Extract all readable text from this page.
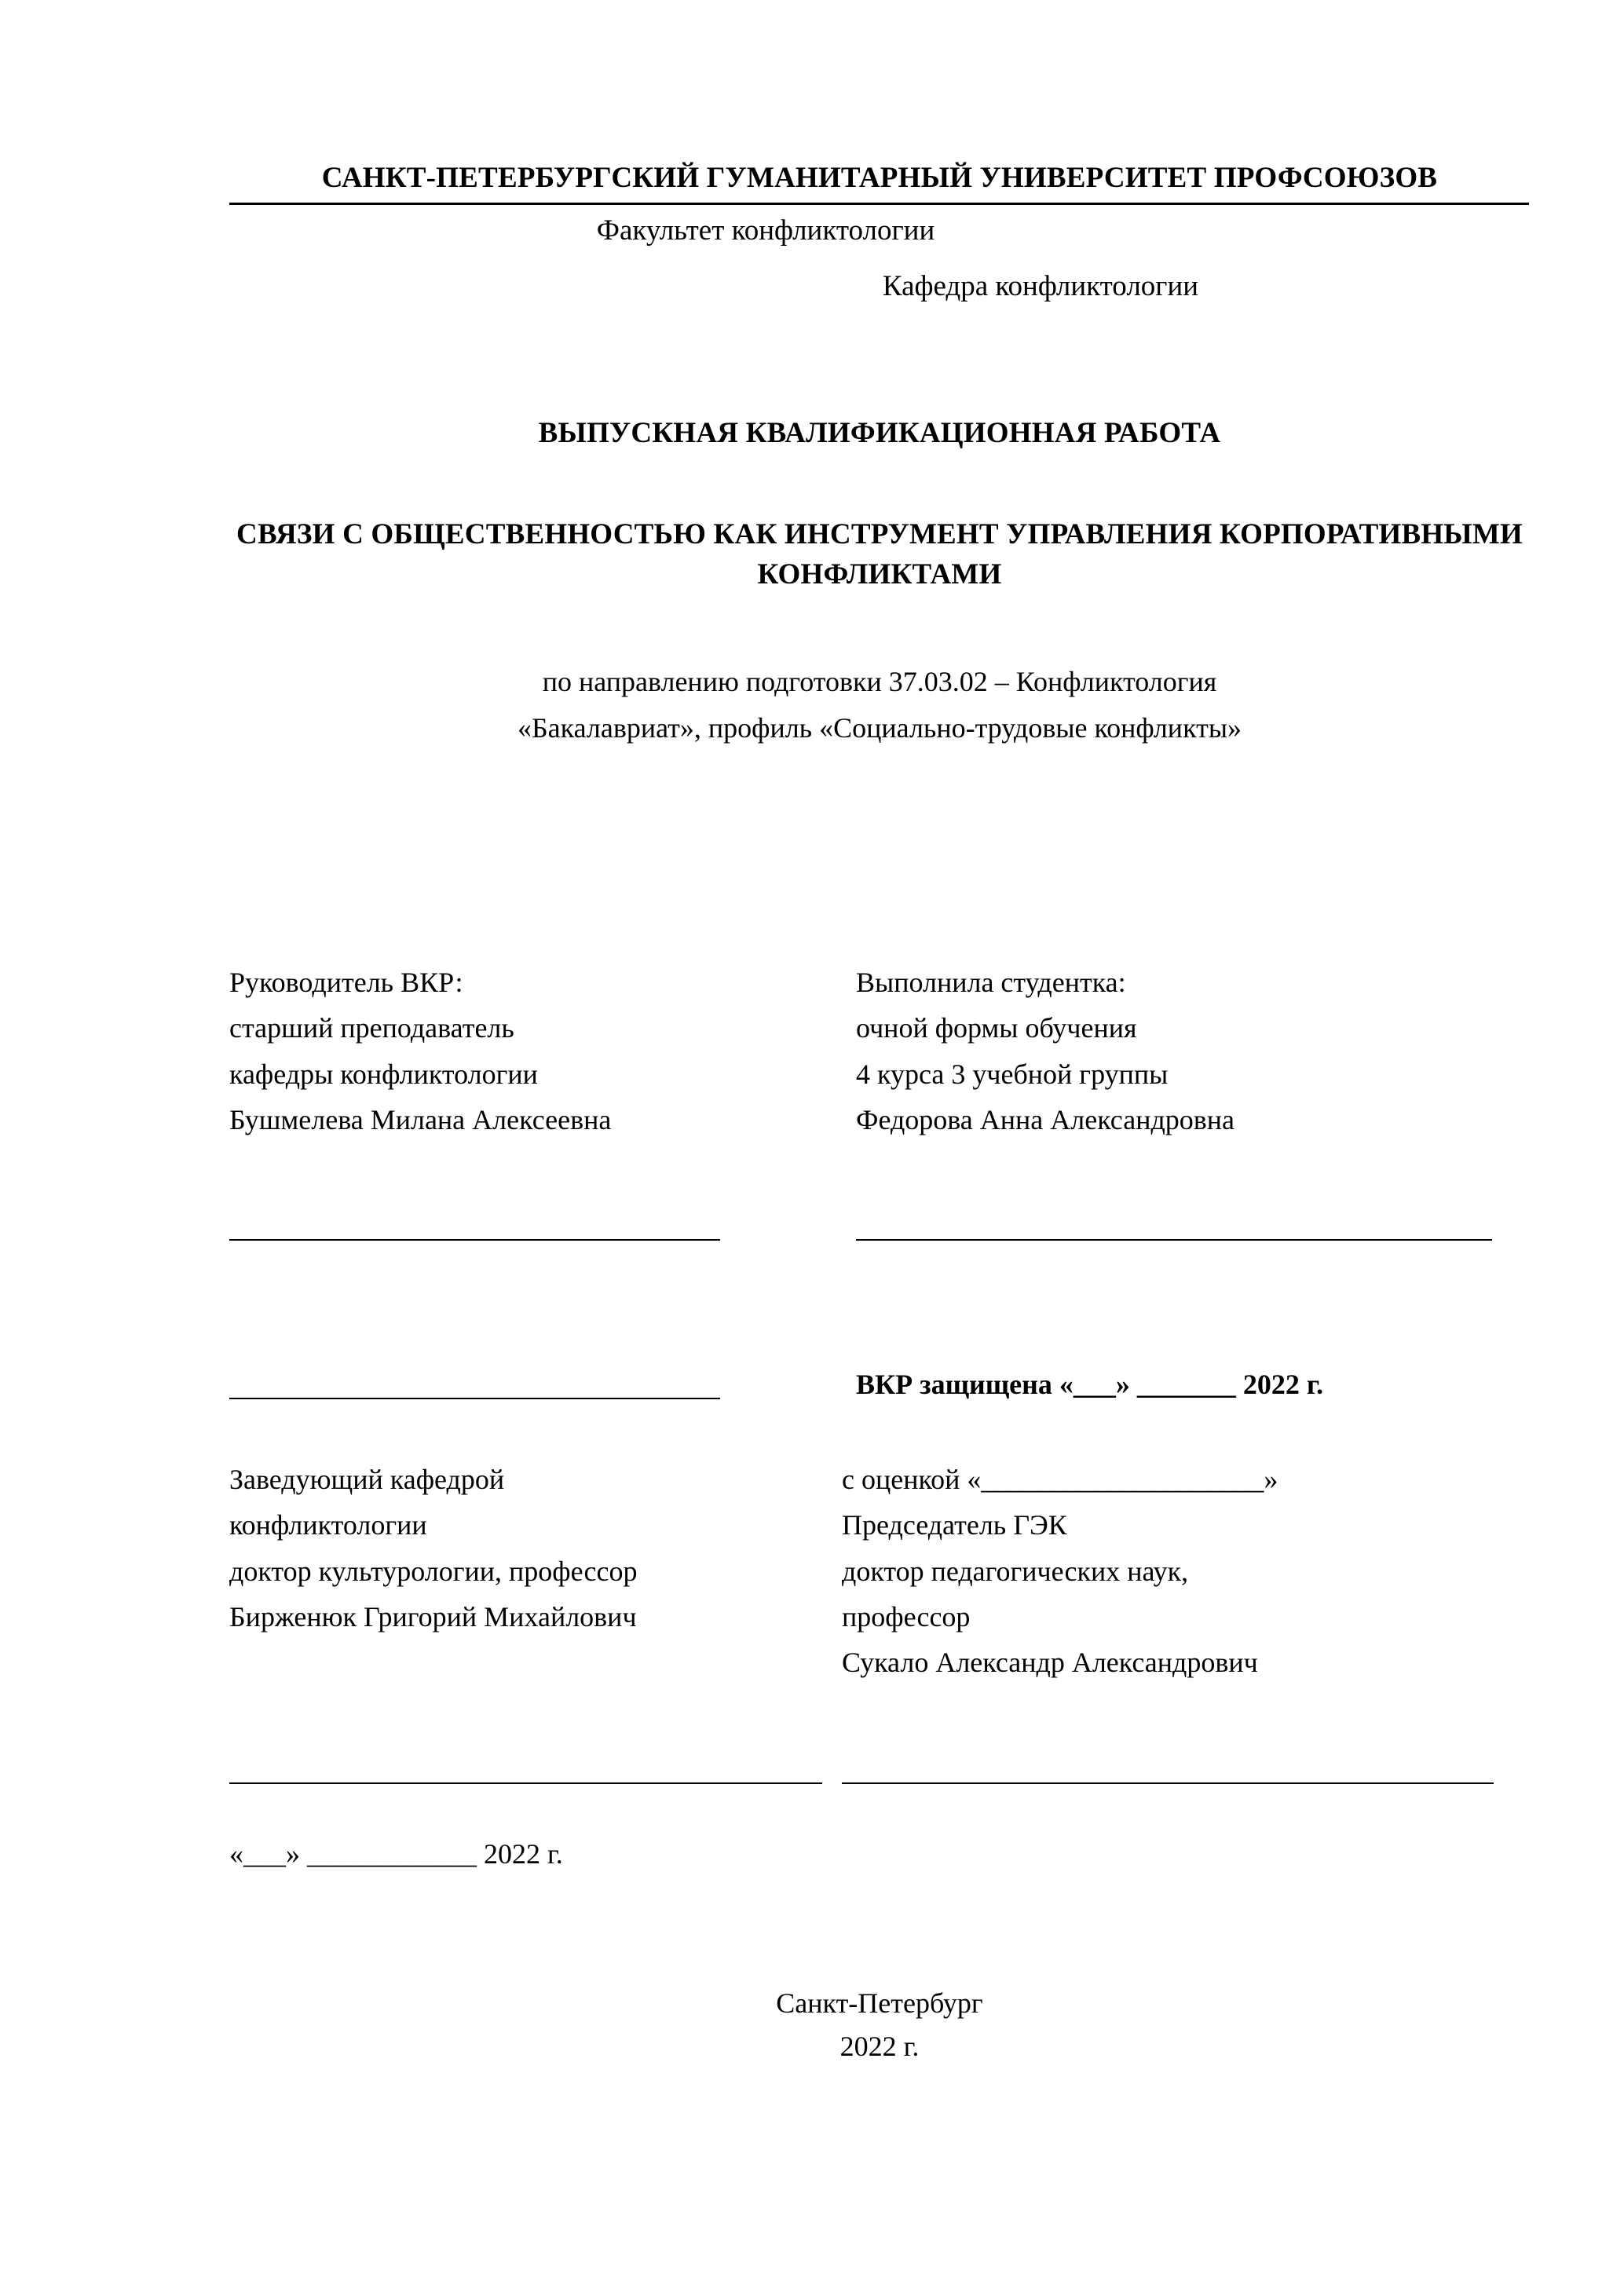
САНКТ-ПЕТЕРБУРГСКИЙ ГУМАНИТАРНЫЙ УНИВЕРСИТЕТ ПРОФСОЮЗОВ
Факультет конфликтологии
Кафедра конфликтологии
ВЫПУСКНАЯ КВАЛИФИКАЦИОННАЯ РАБОТА
СВЯЗИ С ОБЩЕСТВЕННОСТЬЮ КАК ИНСТРУМЕНТ УПРАВЛЕНИЯ КОРПОРАТИВНЫМИ КОНФЛИКТАМИ
по направлению подготовки 37.03.02 – Конфликтология
«Бакалавриат», профиль «Социально-трудовые конфликты»
Руководитель ВКР:
старший преподаватель
кафедры конфликтологии
Бушмелева Милана Алексеевна
Выполнила студентка:
очной формы обучения
4 курса 3 учебной группы
Федорова Анна Александровна
ВКР защищена «___» _______ 2022 г.
Заведующий кафедрой
конфликтологии
доктор культурологии, профессор
Бирженюк Григорий Михайлович
с оценкой «____________________»
Председатель ГЭК
доктор педагогических наук,
профессор
Сукало Александр Александрович
«___» ____________ 2022 г.
Санкт-Петербург
2022 г.
